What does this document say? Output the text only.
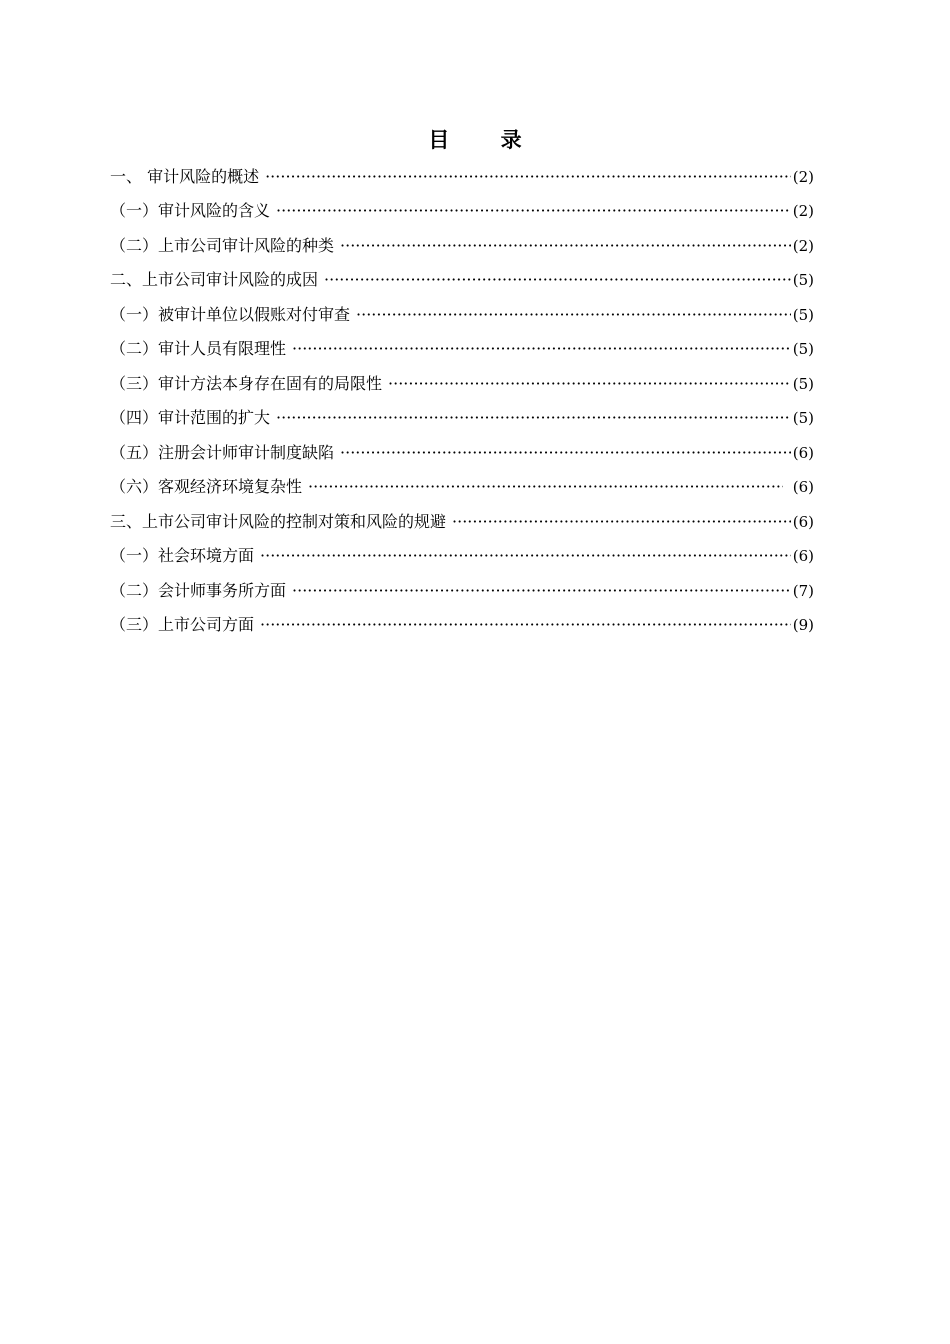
目 录
一、 审计风险的概述 ·····	(2)
（一）审计风险的含义 ·····	(2)
（二）上市公司审计风险的种类 ·····	(2)
二、上市公司审计风险的成因 ·····	(5)
（一）被审计单位以假账对付审查 ·····	(5)
（二）审计人员有限理性 ·····	(5)
（三）审计方法本身存在固有的局限性 ·····	(5)
（四）审计范围的扩大 ·····	(5)
（五）注册会计师审计制度缺陷 ·····	(6)
（六）客观经济环境复杂性 ·····	(6)
三、上市公司审计风险的控制对策和风险的规避 ·····	(6)
（一）社会环境方面 ·····	(6)
（二）会计师事务所方面 ·····	(7)
（三）上市公司方面 ·····	(9)
